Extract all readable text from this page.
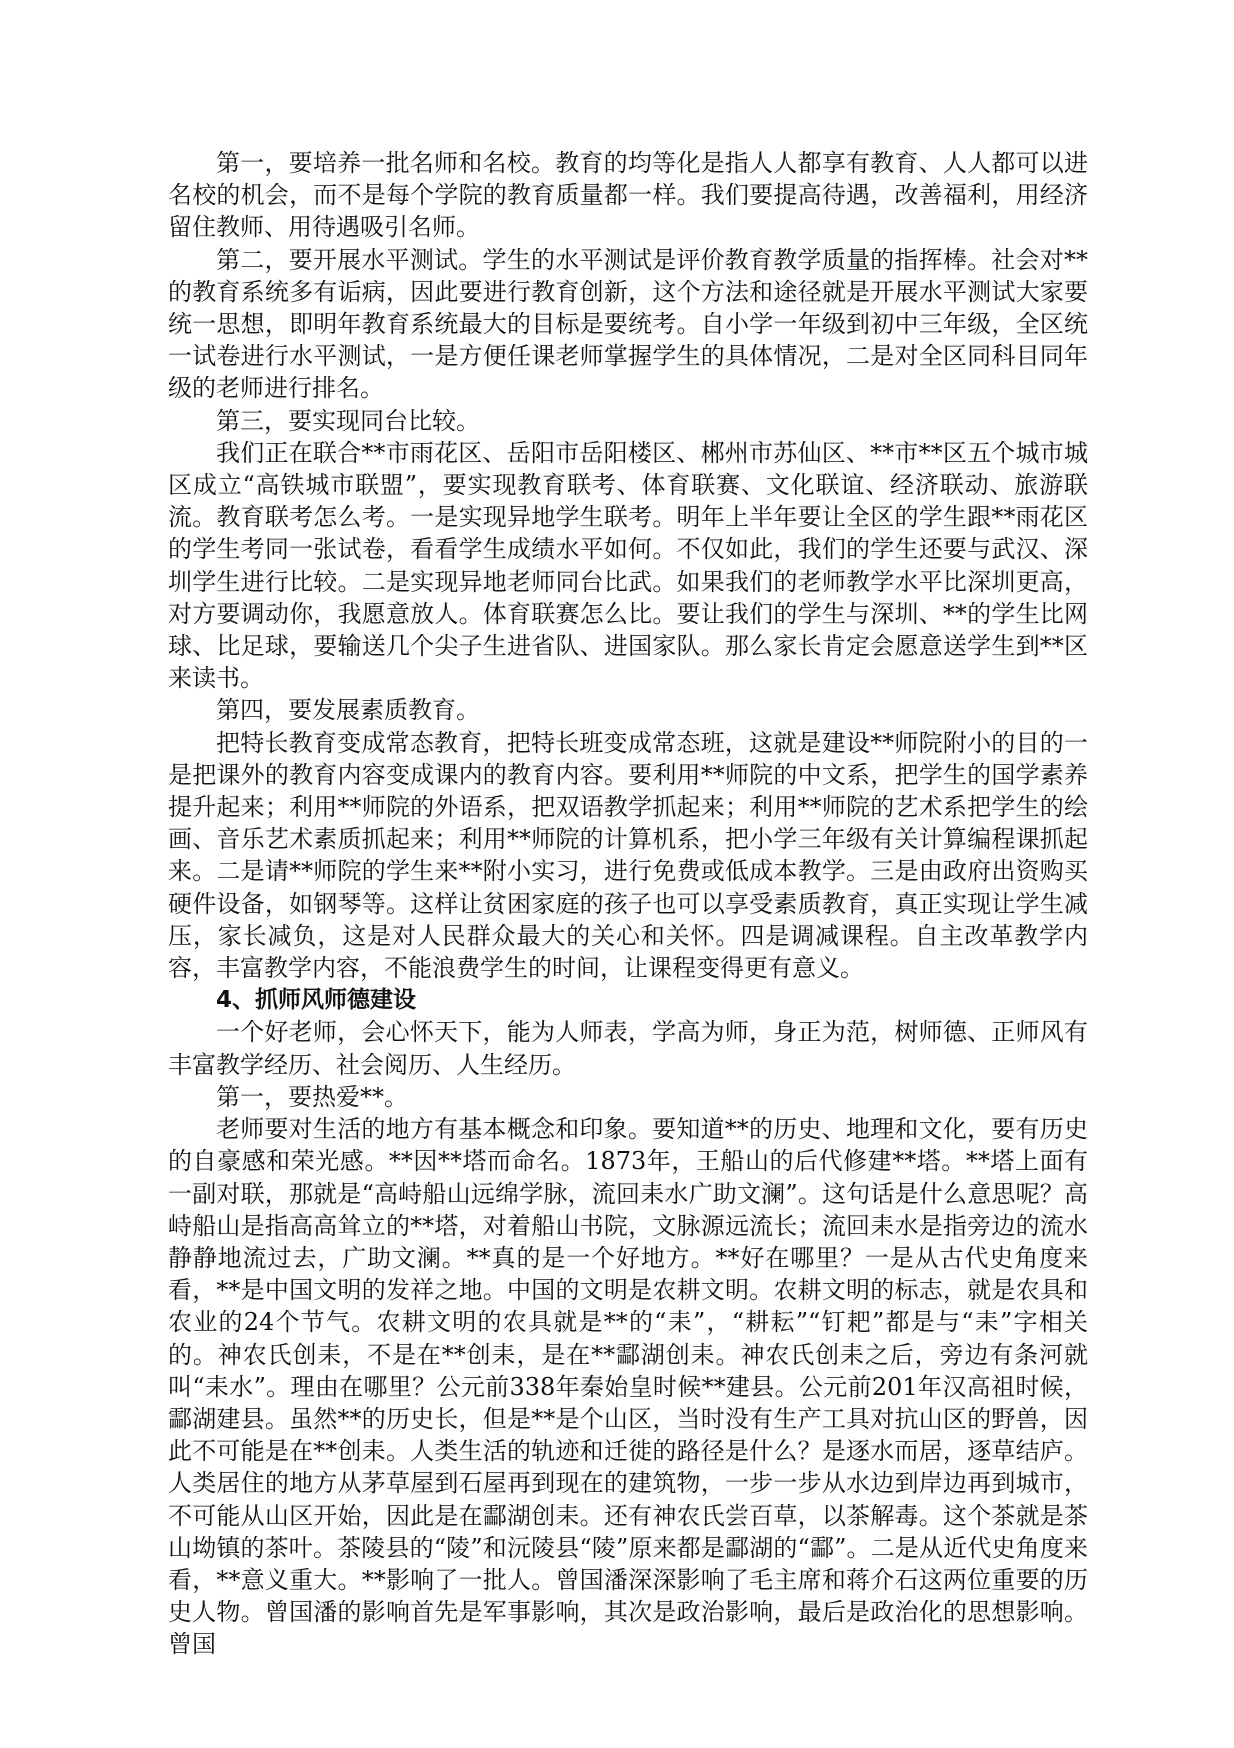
第一，要培养一批名师和名校。教育的均等化是指人人都享有教育、人人都可以进名校的机会，而不是每个学院的教育质量都一样。我们要提高待遇，改善福利，用经济留住教师、用待遇吸引名师。

第二，要开展水平测试。学生的水平测试是评价教育教学质量的指挥棒。社会对**的教育系统多有诟病，因此要进行教育创新，这个方法和途径就是开展水平测试大家要统一思想，即明年教育系统最大的目标是要统考。自小学一年级到初中三年级，全区统一试卷进行水平测试，一是方便任课老师掌握学生的具体情况，二是对全区同科目同年级的老师进行排名。

第三，要实现同台比较。

我们正在联合**市雨花区、岳阳市岳阳楼区、郴州市苏仙区、**市**区五个城市城区成立“高铁城市联盟”，要实现教育联考、体育联赛、文化联谊、经济联动、旅游联流。教育联考怎么考。一是实现异地学生联考。明年上半年要让全区的学生跟**雨花区的学生考同一张试卷，看看学生成绩水平如何。不仅如此，我们的学生还要与武汉、深圳学生进行比较。二是实现异地老师同台比武。如果我们的老师教学水平比深圳更高，对方要调动你，我愿意放人。体育联赛怎么比。要让我们的学生与深圳、**的学生比网球、比足球，要输送几个尖子生进省队、进国家队。那么家长肯定会愿意送学生到**区来读书。

第四，要发展素质教育。

把特长教育变成常态教育，把特长班变成常态班，这就是建设**师院附小的目的一是把课外的教育内容变成课内的教育内容。要利用**师院的中文系，把学生的国学素养提升起来；利用**师院的外语系，把双语教学抓起来；利用**师院的艺术系把学生的绘画、音乐艺术素质抓起来；利用**师院的计算机系，把小学三年级有关计算编程课抓起来。二是请**师院的学生来**附小实习，进行免费或低成本教学。三是由政府出资购买硬件设备，如钢琴等。这样让贫困家庭的孩子也可以享受素质教育，真正实现让学生减压，家长减负，这是对人民群众最大的关心和关怀。四是调减课程。自主改革教学内容，丰富教学内容，不能浪费学生的时间，让课程变得更有意义。

4、抓师风师德建设

一个好老师，会心怀天下，能为人师表，学高为师，身正为范，树师德、正师风有丰富教学经历、社会阅历、人生经历。

第一，要热爱**。

老师要对生活的地方有基本概念和印象。要知道**的历史、地理和文化，要有历史的自豪感和荣光感。**因**塔而命名。1873年，王船山的后代修建**塔。**塔上面有一副对联，那就是“高峙船山远绵学脉，流回耒水广助文澜”。这句话是什么意思呢？高峙船山是指高高耸立的**塔，对着船山书院，文脉源远流长；流回耒水是指旁边的流水静静地流过去，广助文澜。**真的是一个好地方。**好在哪里？一是从古代史角度来看，**是中国文明的发祥之地。中国的文明是农耕文明。农耕文明的标志，就是农具和农业的24个节气。农耕文明的农具就是**的“耒”，“耕耘”“钉耙”都是与“耒”字相关的。神农氏创耒，不是在**创耒，是在**酃湖创耒。神农氏创耒之后，旁边有条河就叫“耒水”。理由在哪里？公元前338年秦始皇时候**建县。公元前201年汉高祖时候，酃湖建县。虽然**的历史长，但是**是个山区，当时没有生产工具对抗山区的野兽，因此不可能是在**创耒。人类生活的轨迹和迁徙的路径是什么？是逐水而居，逐草结庐。人类居住的地方从茅草屋到石屋再到现在的建筑物，一步一步从水边到岸边再到城市，不可能从山区开始，因此是在酃湖创耒。还有神农氏尝百草，以茶解毒。这个茶就是茶山坳镇的茶叶。茶陵县的“陵”和沅陵县“陵”原来都是酃湖的“酃”。二是从近代史角度来看，**意义重大。**影响了一批人。曾国潘深深影响了毛主席和蒋介石这两位重要的历史人物。曾国潘的影响首先是军事影响，其次是政治影响，最后是政治化的思想影响。曾国
